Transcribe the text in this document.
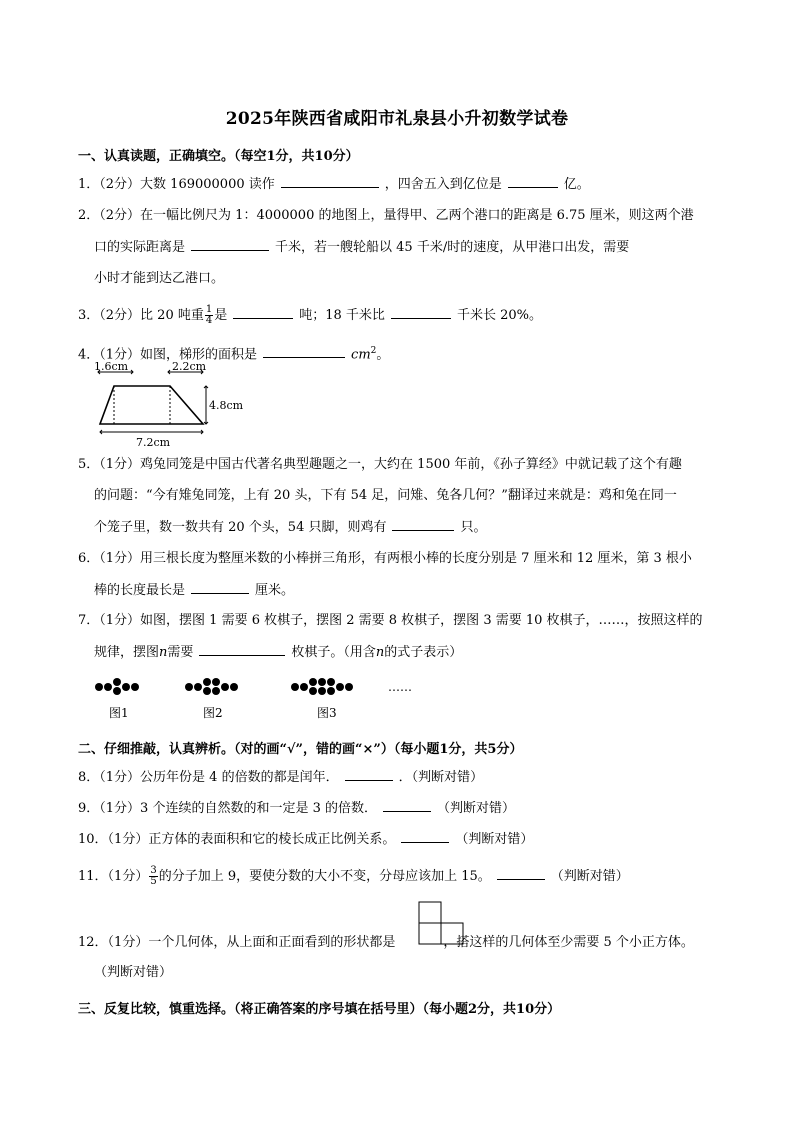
2025年陕西省咸阳市礼泉县小升初数学试卷
一、认真读题，正确填空。（每空1分，共10分）
1．（2分）大数 169000000 读作	，四舍五入到亿位是	亿。
2．（2分）在一幅比例尺为 1：4000000 的地图上，量得甲、乙两个港口的距离是 6.75 厘米，则这两个港
口的实际距离是	千米，若一艘轮船以 45 千米/时的速度，从甲港口出发，需要
小时才能到达乙港口。
3．（2分）比 20 吨重 $\frac{1}{4}$ 是	吨；18 千米比	千米长 20%。
4．（1分）如图，梯形的面积是	$cm^2$。
1.6cm	2.2cm
4.8cm
7.2cm
5．（1分）鸡兔同笼是中国古代著名典型趣题之一，大约在 1500 年前，《孙子算经》中就记载了这个有趣
的问题：“今有雉兔同笼，上有 20 头，下有 54 足，问雉、兔各几何？”翻译过来就是：鸡和兔在同一
个笼子里，数一数共有 20 个头，54 只脚，则鸡有	只。
6．（1分）用三根长度为整厘米数的小棒拼三角形，有两根小棒的长度分别是 7 厘米和 12 厘米，第 3 根小
棒的长度最长是	厘米。
7．（1分）如图，摆图 1 需要 6 枚棋子，摆图 2 需要 8 枚棋子，摆图 3 需要 10 枚棋子，……，按照这样的
规律，摆图n需要	枚棋子。（用含n的式子表示）
……
图1	图2	图3
二、仔细推敲，认真辨析。（对的画“√”，错的画“×”）（每小题1分，共5分）
8．（1分）公历年份是 4 的倍数的都是闰年．	．（判断对错）
9．（1分）3 个连续的自然数的和一定是 3 的倍数．	（判断对错）
10．（1分）正方体的表面积和它的棱长成正比例关系。	（判断对错）
11．（1分） $\frac{3}{5}$ 的分子加上 9，要使分数的大小不变，分母应该加上 15。	（判断对错）
12．（1分）一个几何体，从上面和正面看到的形状都是	，搭这样的几何体至少需要 5 个小正方体。
（判断对错）
三、反复比较，慎重选择。（将正确答案的序号填在括号里）（每小题2分，共10分）
